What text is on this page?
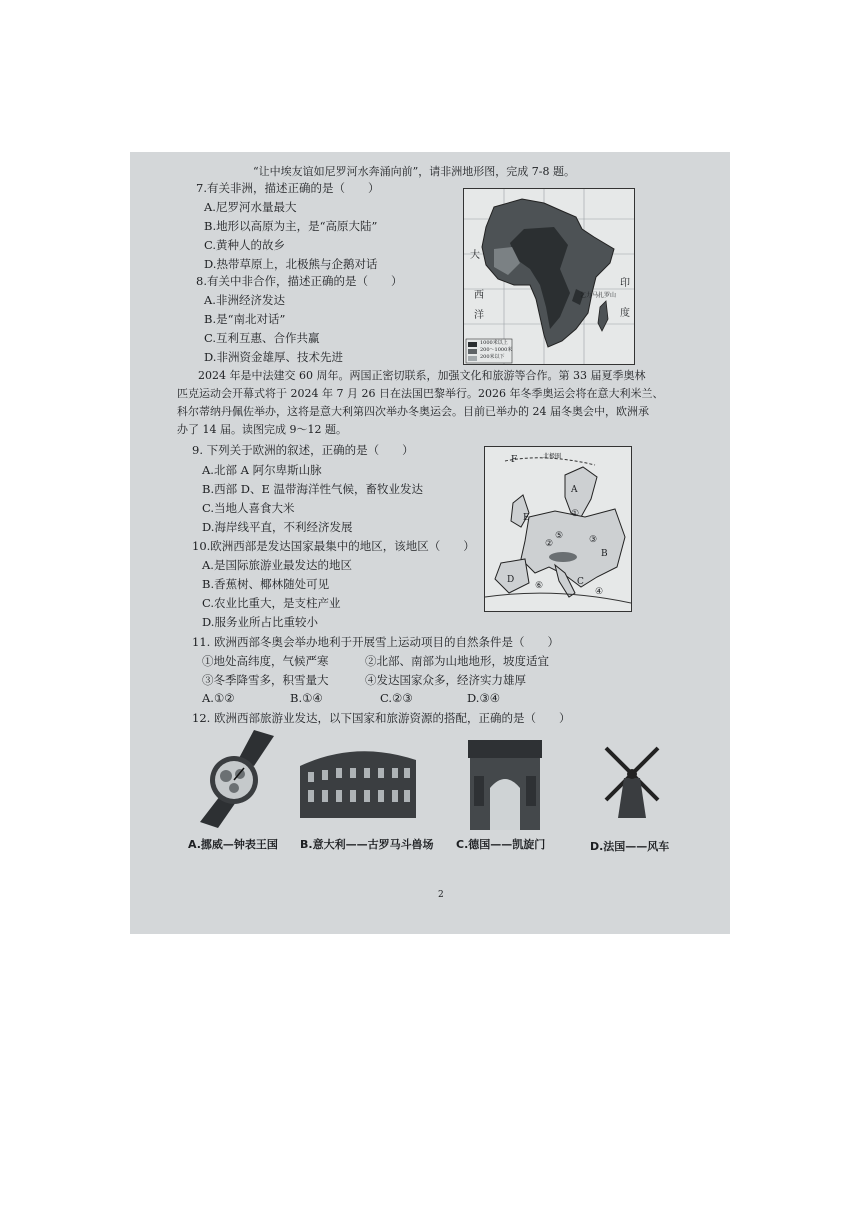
“让中埃友谊如尼罗河水奔涌向前”，请非洲地形图，完成 7-8 题。
7.有关非洲，描述正确的是（　　）
A.尼罗河水量最大
B.地形以高原为主，是“高原大陆”
C.黄种人的故乡
D.热带草原上，北极熊与企鹅对话
8.有关中非合作，描述正确的是（　　）
A.非洲经济发达
B.是“南北对话”
C.互利互惠、合作共赢
D.非洲资金雄厚、技术先进
大
西
洋
印
度
乞力马扎罗山
1000米以上
200～1000米
200米以下
2024 年是中法建交 60 周年。两国正密切联系，加强文化和旅游等合作。第 33 届夏季奥林
匹克运动会开幕式将于 2024 年 7 月 26 日在法国巴黎举行。2026 年冬季奥运会将在意大利米兰、
科尔蒂纳丹佩佐举办，这将是意大利第四次举办冬奥运会。目前已举办的 24 届冬奥会中，欧洲承
办了 14 届。读图完成 9～12 题。
9. 下列关于欧洲的叙述，正确的是（　　）
A.北部 A 阿尔卑斯山脉
B.西部 D、E 温带海洋性气候，畜牧业发达
C.当地人喜食大米
D.海岸线平直，不利经济发展
10.欧洲西部是发达国家最集中的地区，该地区（　　）
A.是国际旅游业最发达的地区
B.香蕉树、椰林随处可见
C.农业比重大，是支柱产业
D.服务业所占比重较小
A
B
C
D
E
F
①
②	③
④
⑤
⑥
北极圈
11. 欧洲西部冬奥会举办地利于开展雪上运动项目的自然条件是（　　）
①地处高纬度，气候严寒	②北部、南部为山地地形，坡度适宜
③冬季降雪多，积雪量大	④发达国家众多，经济实力雄厚
A.①②	B.①④	C.②③	D.③④
12. 欧洲西部旅游业发达，以下国家和旅游资源的搭配，正确的是（　　）
A.挪威—钟表王国 B.意大利——古罗马斗兽场 C.德国——凯旋门	D.法国——风车
2
